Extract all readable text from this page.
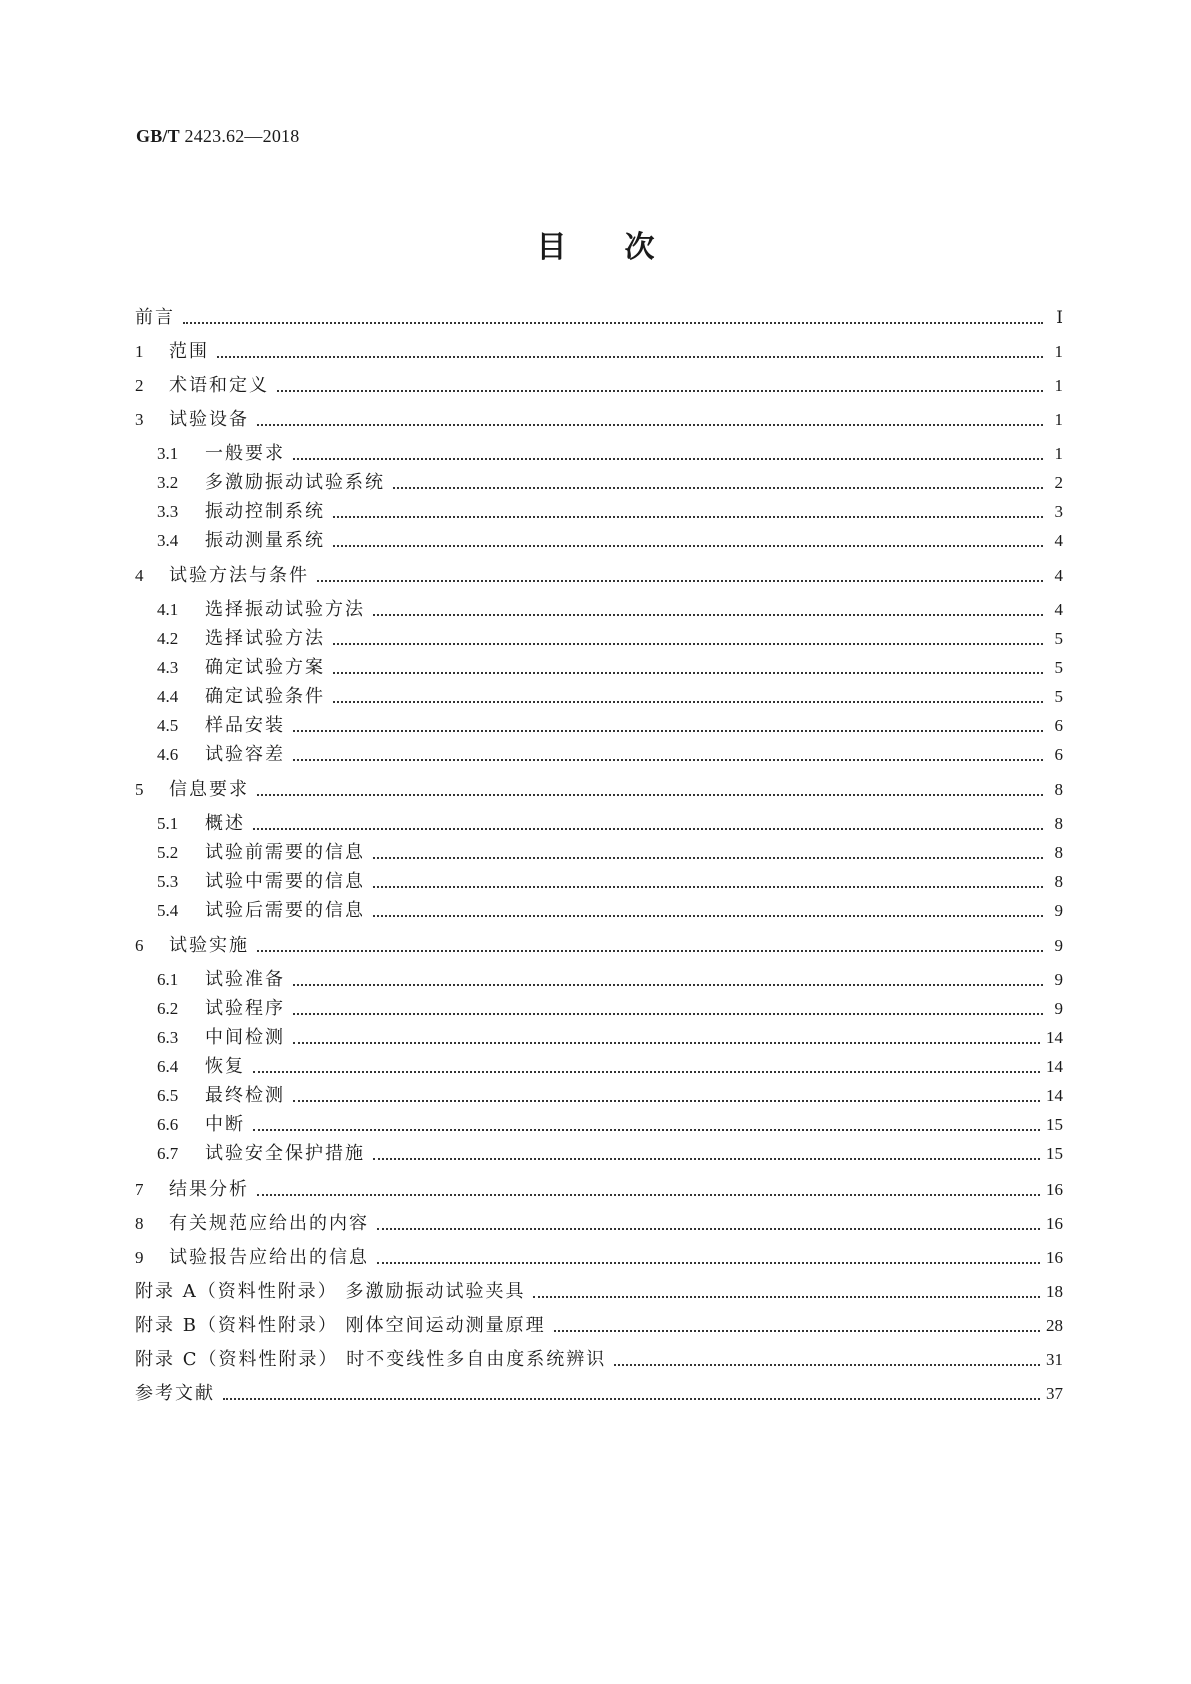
GB/T 2423.62—2018
目次
前言	Ⅰ
1	范围	1
2	术语和定义	1
3	试验设备	1
3.1	一般要求	1
3.2	多激励振动试验系统	2
3.3	振动控制系统	3
3.4	振动测量系统	4
4	试验方法与条件	4
4.1	选择振动试验方法	4
4.2	选择试验方法	5
4.3	确定试验方案	5
4.4	确定试验条件	5
4.5	样品安装	6
4.6	试验容差	6
5	信息要求	8
5.1	概述	8
5.2	试验前需要的信息	8
5.3	试验中需要的信息	8
5.4	试验后需要的信息	9
6	试验实施	9
6.1	试验准备	9
6.2	试验程序	9
6.3	中间检测	14
6.4	恢复	14
6.5	最终检测	14
6.6	中断	15
6.7	试验安全保护措施	15
7	结果分析	16
8	有关规范应给出的内容	16
9	试验报告应给出的信息	16
附录 A（资料性附录） 多激励振动试验夹具	18
附录 B（资料性附录） 刚体空间运动测量原理	28
附录 C（资料性附录） 时不变线性多自由度系统辨识	31
参考文献	37
